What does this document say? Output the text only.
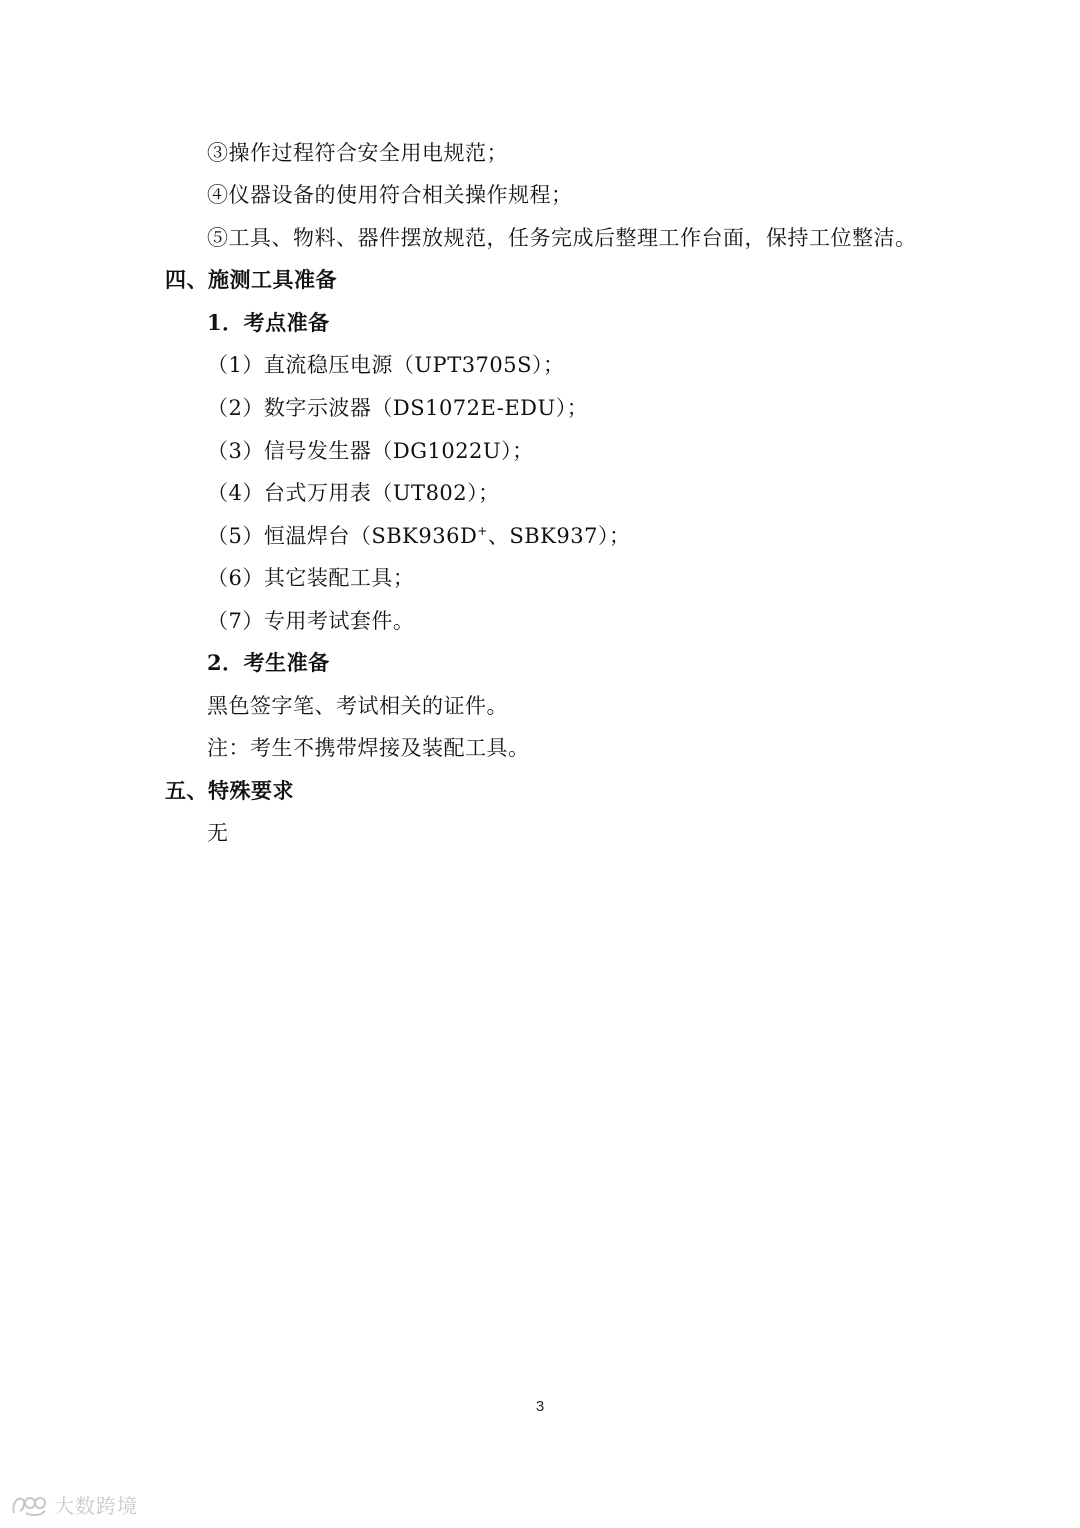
③操作过程符合安全用电规范；
④仪器设备的使用符合相关操作规程；
⑤工具、物料、器件摆放规范，任务完成后整理工作台面，保持工位整洁。
四、施测工具准备
1．考点准备
（1）直流稳压电源（UPT3705S）；
（2）数字示波器（DS1072E-EDU）；
（3）信号发生器（DG1022U）；
（4）台式万用表（UT802）；
（5）恒温焊台（SBK936D+、SBK937）；
（6）其它装配工具；
（7）专用考试套件。
2．考生准备
黑色签字笔、考试相关的证件。
注：考生不携带焊接及装配工具。
五、特殊要求
无
3
大数跨境
